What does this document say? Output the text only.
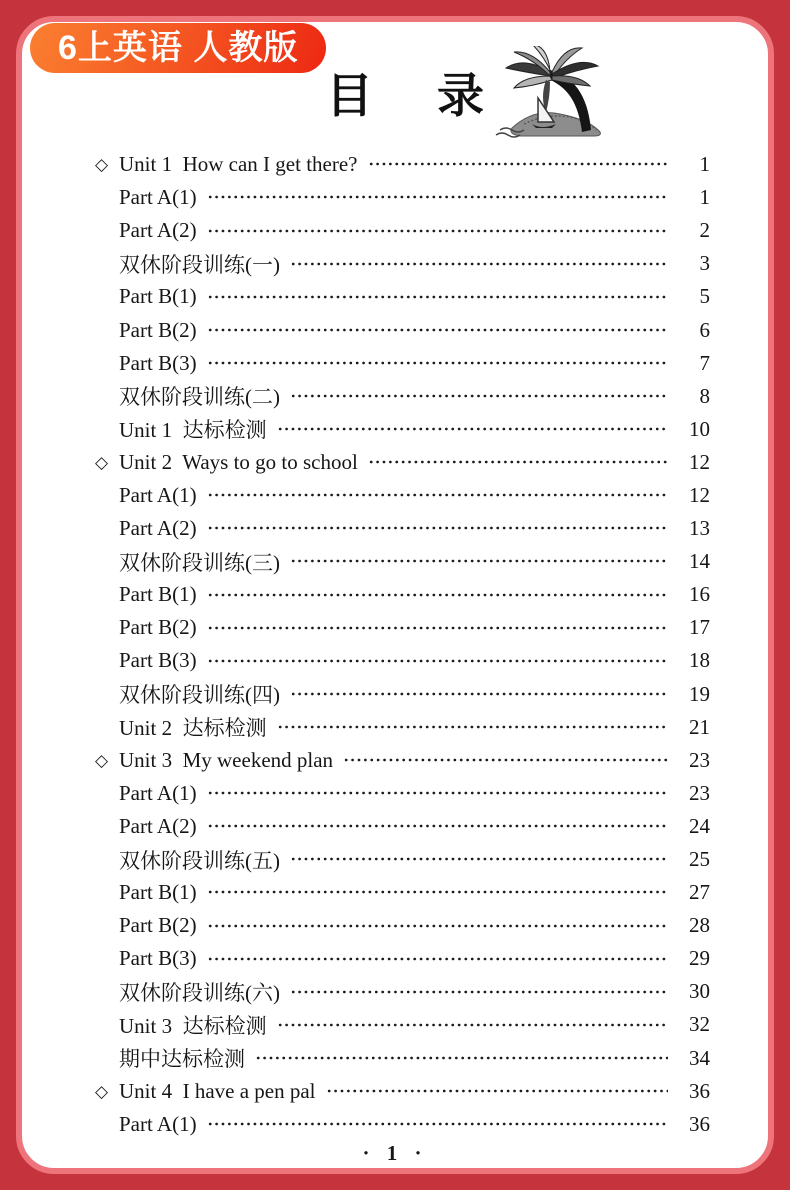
6上英语 人教版
目 录
◇ Unit 1  How can I get there?	1
Part A(1)	1
Part A(2)	2
双休阶段训练(一)	3
Part B(1)	5
Part B(2)	6
Part B(3)	7
双休阶段训练(二)	8
Unit 1  达标检测	10
◇ Unit 2  Ways to go to school	12
Part A(1)	12
Part A(2)	13
双休阶段训练(三)	14
Part B(1)	16
Part B(2)	17
Part B(3)	18
双休阶段训练(四)	19
Unit 2  达标检测	21
◇ Unit 3  My weekend plan	23
Part A(1)	23
Part A(2)	24
双休阶段训练(五)	25
Part B(1)	27
Part B(2)	28
Part B(3)	29
双休阶段训练(六)	30
Unit 3  达标检测	32
期中达标检测	34
◇ Unit 4  I have a pen pal	36
Part A(1)	36
· 1 ·
